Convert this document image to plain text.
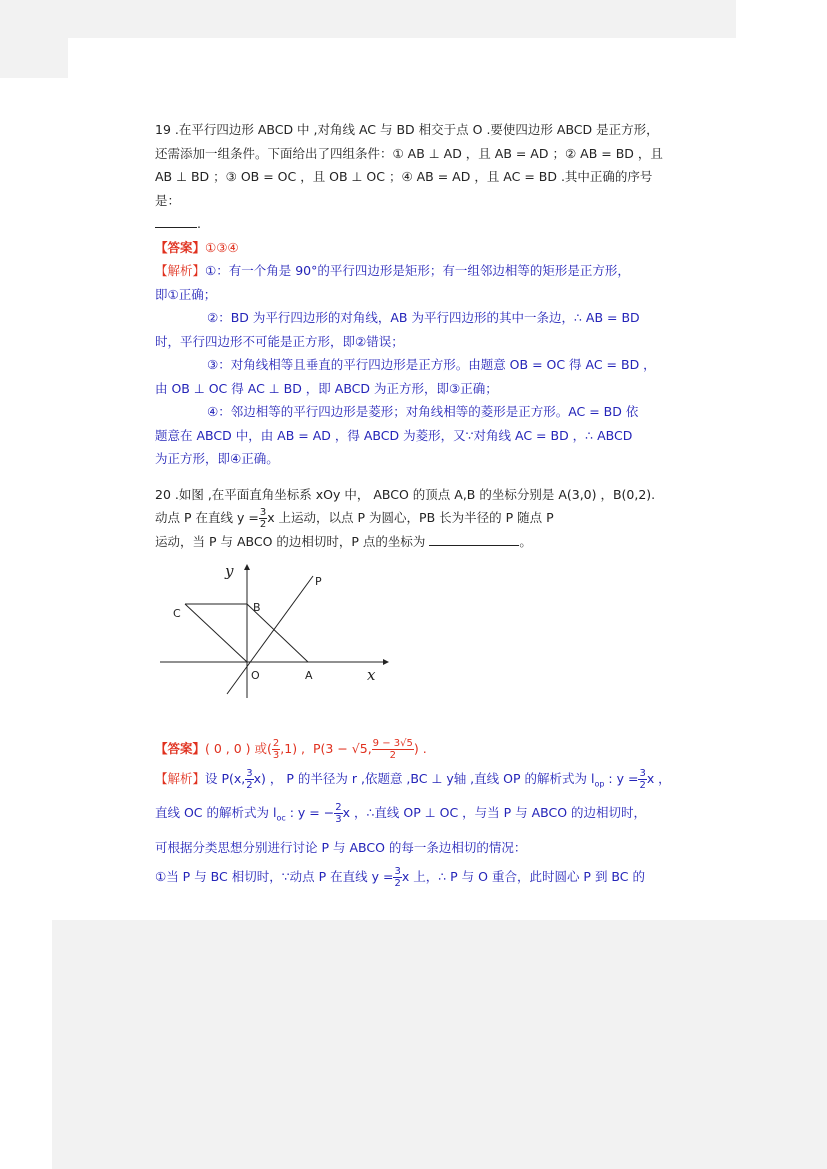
19 .在平行四边形 ABCD 中 ,对角线 AC 与 BD 相交于点 O .要使四边形 ABCD 是正方形，

还需添加一组条件。下面给出了四组条件：① AB ⊥ AD ，且 AB = AD ；② AB = BD ，且

AB ⊥ BD ；③ OB = OC ，且 OB ⊥ OC ；④ AB = AD ，且 AC = BD .其中正确的序号是：

.

【答案】①③④

【解析】①：有一个角是 90°的平行四边形是矩形；有一组邻边相等的矩形是正方形，

即①正确；

②：BD 为平行四边形的对角线，AB 为平行四边形的其中一条边，∴ AB = BD

时，平行四边形不可能是正方形，即②错误；

③：对角线相等且垂直的平行四边形是正方形。由题意 OB = OC 得 AC = BD ，

由 OB ⊥ OC 得 AC ⊥ BD ，即 ABCD 为正方形，即③正确；

④：邻边相等的平行四边形是菱形；对角线相等的菱形是正方形。AC = BD 依

题意在 ABCD 中，由 AB = AD ，得 ABCD 为菱形，又∵对角线 AC = BD ，∴ ABCD

为正方形，即④正确。

20 .如图 ,在平面直角坐标系 xOy 中， ABCO 的顶点 A,B 的坐标分别是 A(3,0) ，B(0,2).

动点 P 在直线 $y = \frac{3}{2}$ x 上运动，以点 P 为圆心，PB 长为半径的 P 随点 P

运动，当 P 与 ABCO 的边相切时，P 点的坐标为	。

y
x
P
C	B
O	A

【答案】( 0 , 0 ) 或( $\frac{2}{3} ,1$) , P(3 − √5, $\frac{9 - 3√5}{2}$ ) .

【解析】设 P(x, $\frac{3}{2} x$) ， P 的半径为 r ,依题意 ,BC ⊥ y轴 ,直线 OP 的解析式为 $l_{op}$ : $y = \frac{3}{2}$ x ，

直线 OC 的解析式为 $l_{oc}$ : y = − $\frac{2}{3}$ x ，∴直线 OP ⊥ OC ，与当 P 与 ABCO 的边相切时，

可根据分类思想分别进行讨论 P 与 ABCO 的每一条边相切的情况：

①当 P 与 BC 相切时，∵动点 P 在直线 $y = \frac{3}{2}$ x 上，∴ P 与 O 重合，此时圆心 P 到 BC 的
